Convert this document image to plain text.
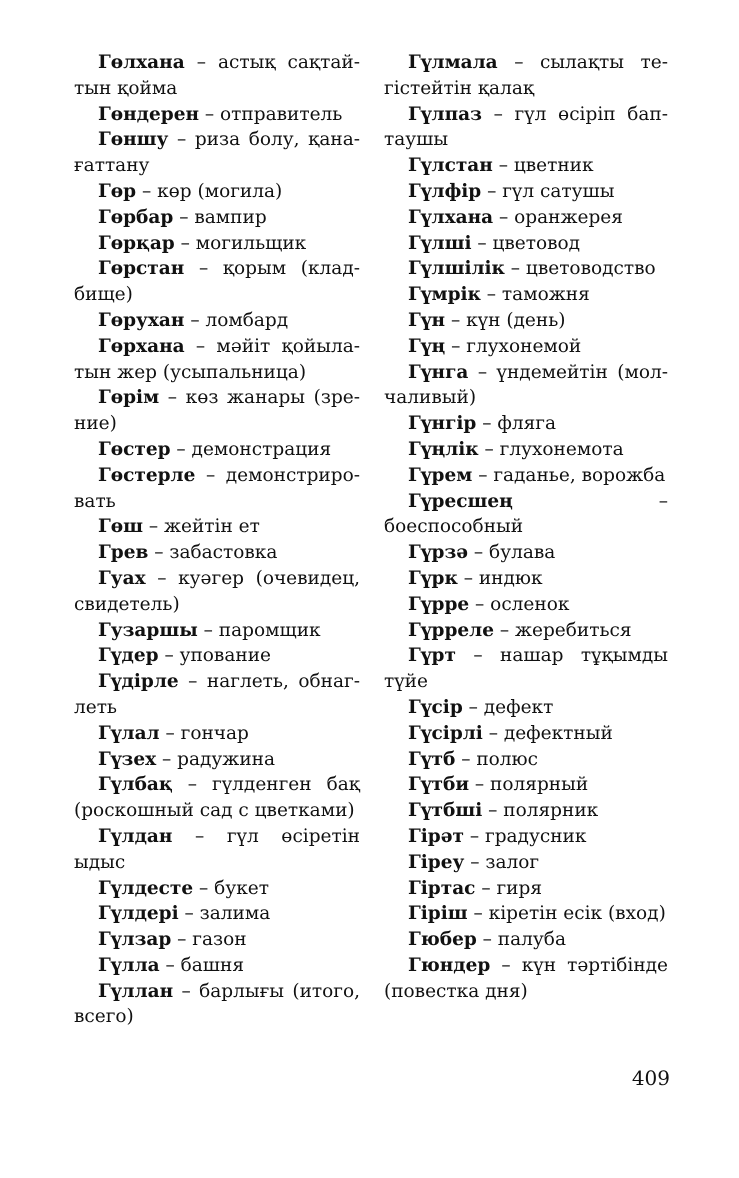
Гөлхана – астық сақтайтын қойма

Гөндерен – отправитель

Гөншу – риза болу, қанағаттану

Гөр – көр (могила)

Гөрбар – вампир

Гөрқар – могильщик

Гөрстан – қорым (кладбище)

Гөрухан – ломбард

Гөрхана – мәйіт қойылатын жер (усыпальница)

Гөрім – көз жанары (зрение)

Гөстер – демонстрация

Гөстерле – демонстрировать

Гөш – жейтін ет

Грев – забастовка

Гуах – куәгер (очевидец, свидетель)

Гузаршы – паромщик

Гүдер – упование

Гүдірле – наглеть, обнаглеть

Гүлал – гончар

Гүзех – радужина

Гүлбақ – гүлденген бақ (роскошный сад с цветками)

Гүлдан – гүл өсіретін ыдыс

Гүлдесте – букет

Гүлдері – залима

Гүлзар – газон

Гүлла – башня

Гүллан – барлығы (итого, всего)

Гүлмала – сылақты тегістейтін қалақ

Гүлпаз – гүл өсіріп баптаушы

Гүлстан – цветник

Гүлфір – гүл сатушы

Гүлхана – оранжерея

Гүлші – цветовод

Гүлшілік – цветоводство

Гүмрік – таможня

Гүн – күн (день)

Гүң – глухонемой

Гүнга – үндемейтін (молчаливый)

Гүнгір – фляга

Гүңлік – глухонемота

Гүрем – гаданье, ворожба

Гүресшең – боеспособный

Гүрзә – булава

Гүрк – индюк

Гүрре – осленок

Гүрреле – жеребиться

Гүрт – нашар тұқымды түйе

Гүсір – дефект

Гүсірлі – дефектный

Гүтб – полюс

Гүтби – полярный

Гүтбші – полярник

Гірәт – градусник

Гіреу – залог

Гіртас – гиря

Гіріш – кіретін есік (вход)

Гюбер – палуба

Гюндер – күн тәртібінде (повестка дня)

409
